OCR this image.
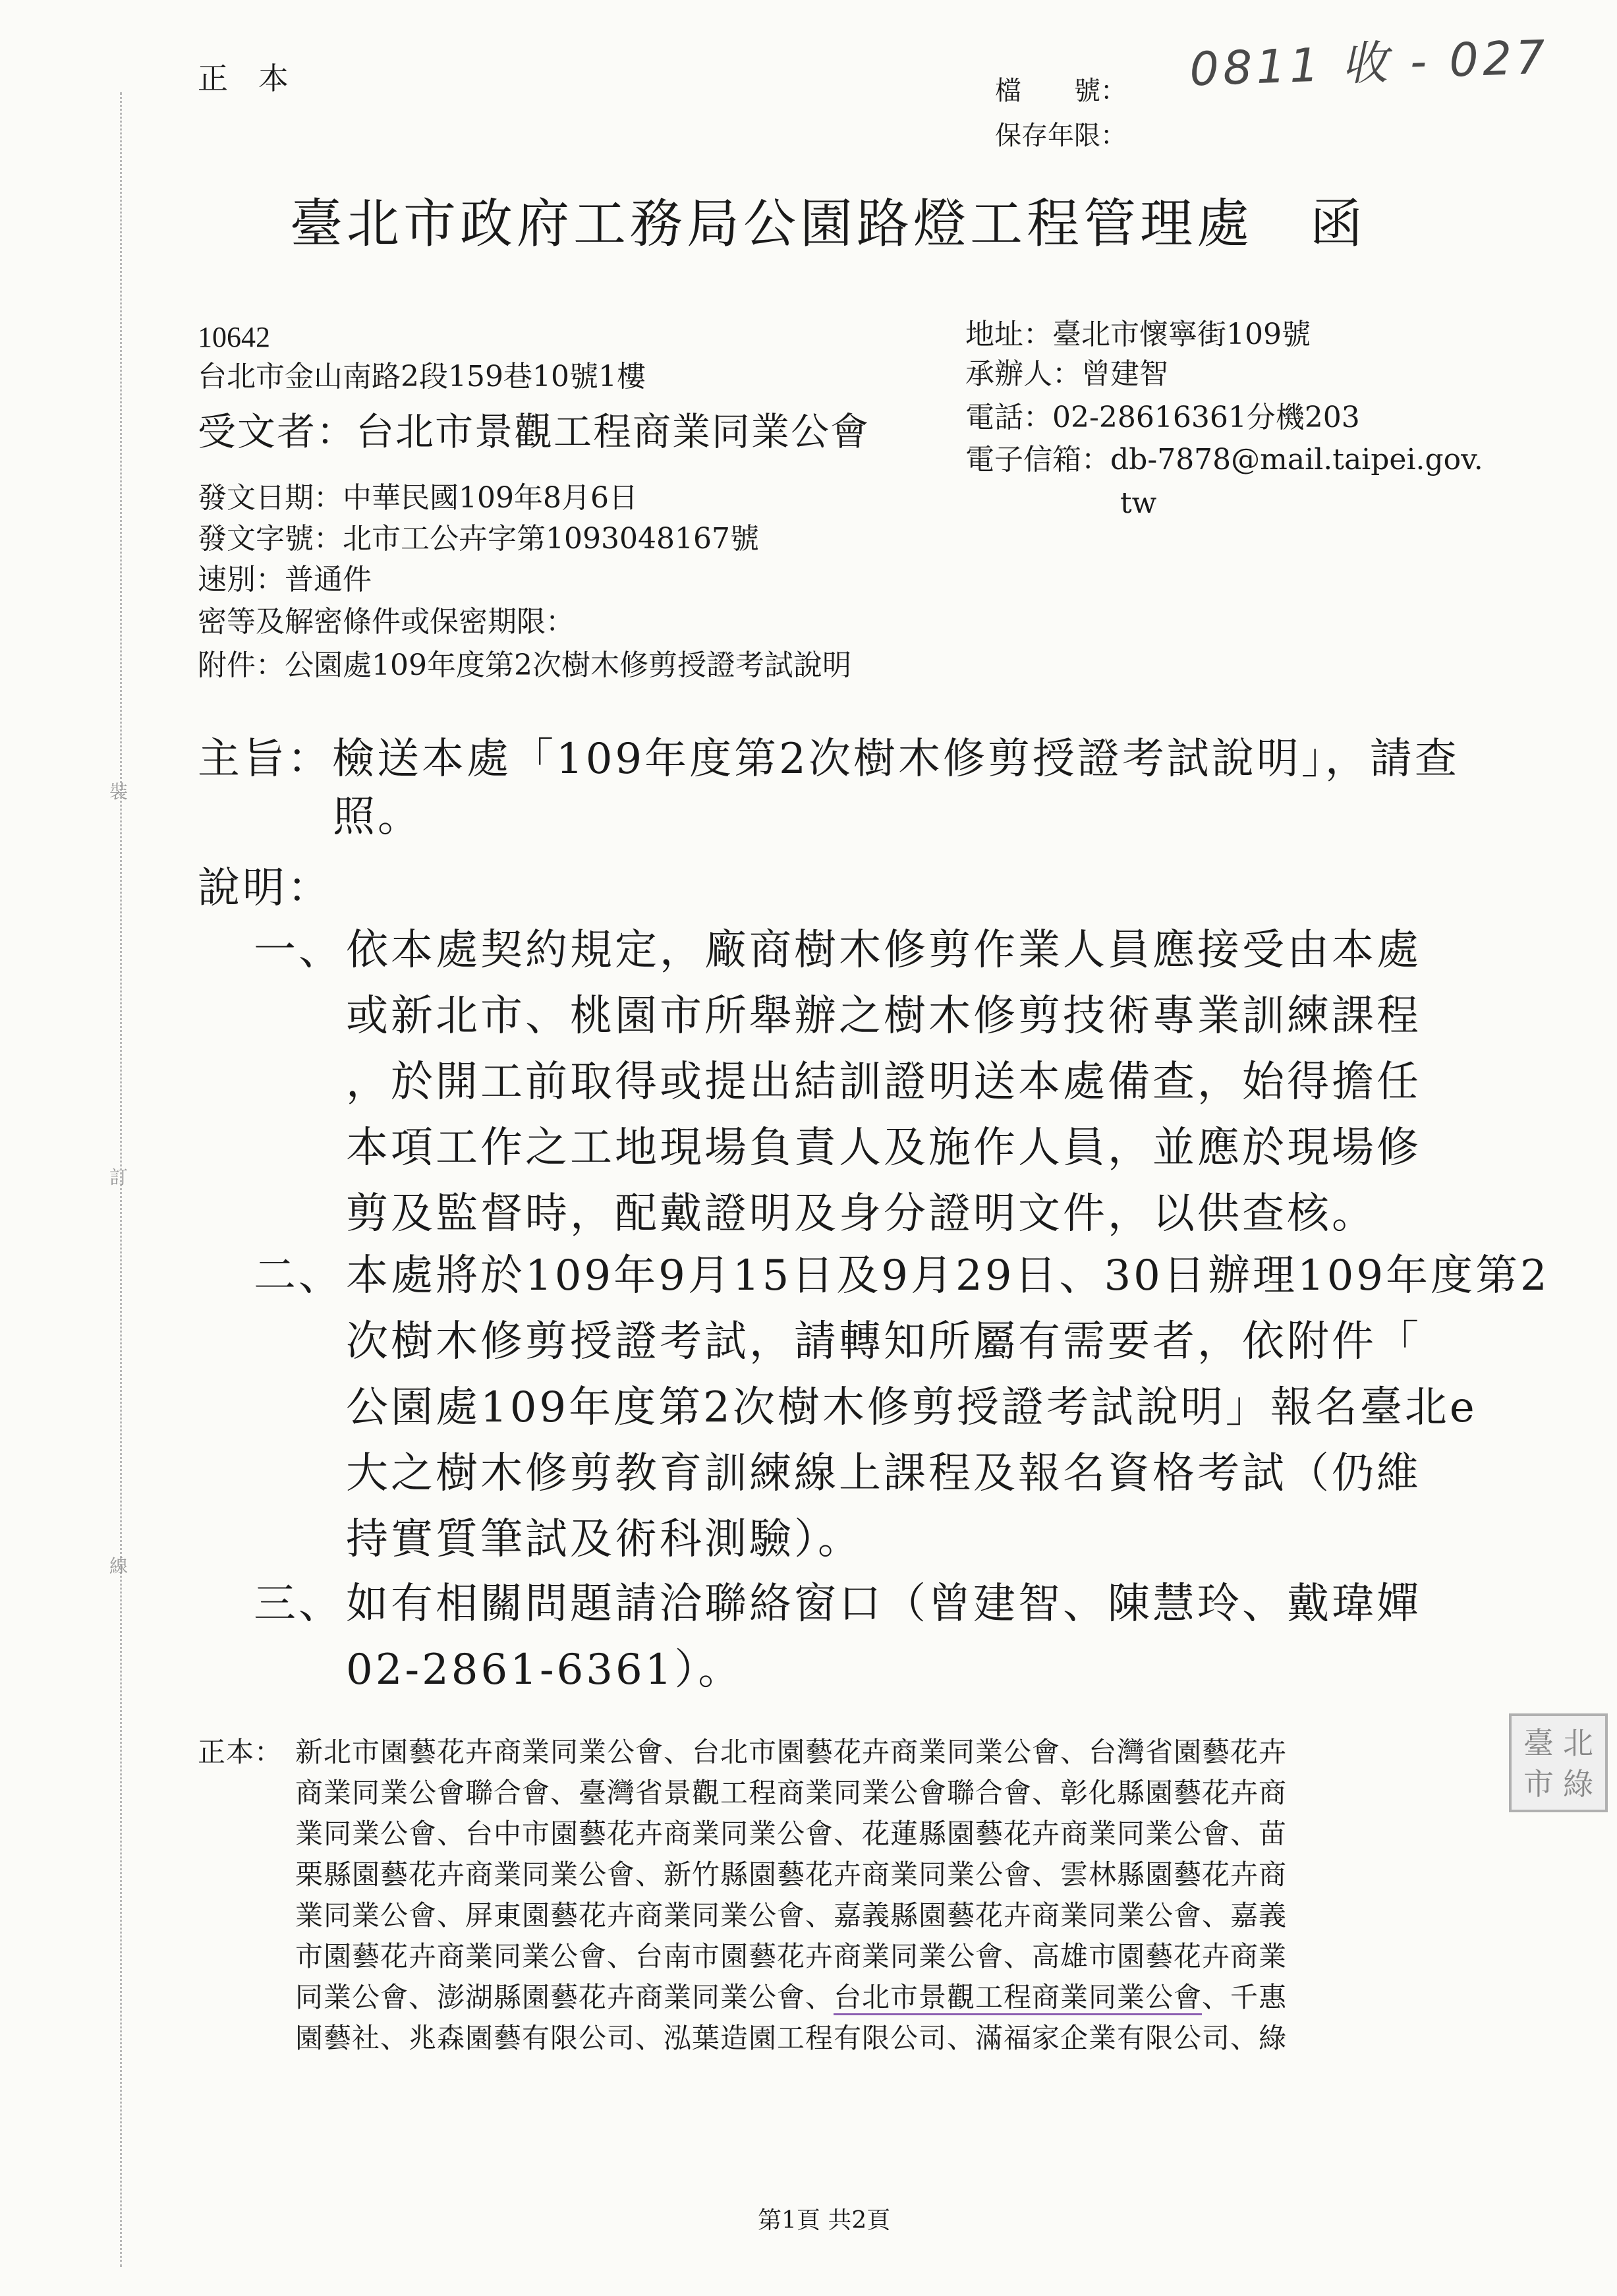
正　本	檔　　號：
保存年限：
0811 收 - 027
裝
訂
線
臺北市政府工務局公園路燈工程管理處　函
10642
台北市金山南路2段159巷10號1樓
受文者：台北市景觀工程商業同業公會
地址：臺北市懷寧街109號
承辦人：曾建智
電話：02-28616361分機203
電子信箱：db-7878@mail.taipei.gov.
tw
發文日期：中華民國109年8月6日
發文字號：北市工公卉字第1093048167號
速別：普通件
密等及解密條件或保密期限：
附件：公園處109年度第2次樹木修剪授證考試說明
主旨：檢送本處「109年度第2次樹木修剪授證考試說明」，請查
照。
說明：
一、 依本處契約規定，廠商樹木修剪作業人員應接受由本處
或新北市、桃園市所舉辦之樹木修剪技術專業訓練課程
，於開工前取得或提出結訓證明送本處備查，始得擔任
本項工作之工地現場負責人及施作人員，並應於現場修
剪及監督時，配戴證明及身分證明文件，以供查核。
二、 本處將於109年9月15日及9月29日、30日辦理109年度第2
次樹木修剪授證考試，請轉知所屬有需要者，依附件「
公園處109年度第2次樹木修剪授證考試說明」報名臺北e
大之樹木修剪教育訓練線上課程及報名資格考試（仍維
持實質筆試及術科測驗）。
三、 如有相關問題請洽聯絡窗口（曾建智、陳慧玲、戴瑋嬋
02-2861-6361）。
正本： 新北市園藝花卉商業同業公會、台北市園藝花卉商業同業公會、台灣省園藝花卉
商業同業公會聯合會、臺灣省景觀工程商業同業公會聯合會、彰化縣園藝花卉商
業同業公會、台中市園藝花卉商業同業公會、花蓮縣園藝花卉商業同業公會、苗
栗縣園藝花卉商業同業公會、新竹縣園藝花卉商業同業公會、雲林縣園藝花卉商
業同業公會、屏東園藝花卉商業同業公會、嘉義縣園藝花卉商業同業公會、嘉義
市園藝花卉商業同業公會、台南市園藝花卉商業同業公會、高雄市園藝花卉商業
同業公會、澎湖縣園藝花卉商業同業公會、台北市景觀工程商業同業公會、千惠
園藝社、兆森園藝有限公司、泓葉造園工程有限公司、滿福家企業有限公司、綠
北
臺
市 綠
第1頁 共2頁
